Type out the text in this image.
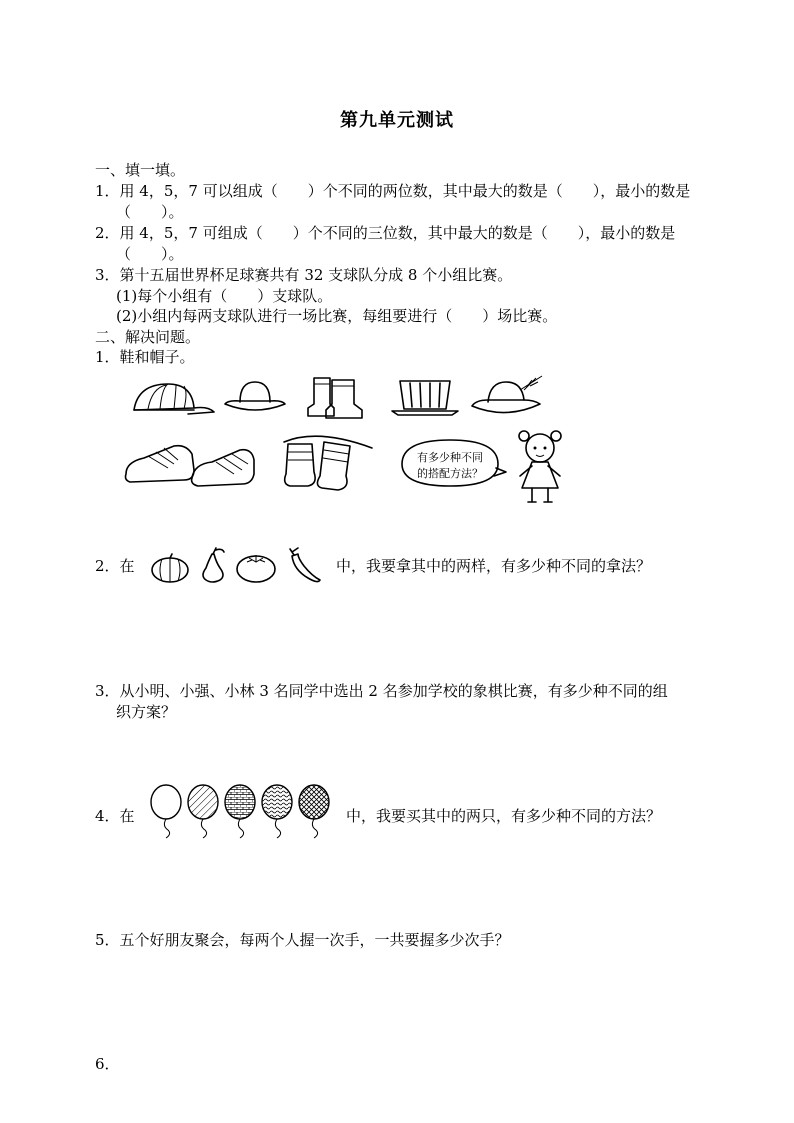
第九单元测试
一、填一填。
1．用 4，5，7 可以组成（　　）个不同的两位数，其中最大的数是（　　），最小的数是
（　　）。
2．用 4，5，7 可组成（　　）个不同的三位数，其中最大的数是（　　），最小的数是
（　　）。
3．第十五届世界杯足球赛共有 32 支球队分成 8 个小组比赛。
(1)每个小组有（　　）支球队。
(2)小组内每两支球队进行一场比赛，每组要进行（　　）场比赛。
二、解决问题。
1．鞋和帽子。
有多少种不同
的搭配方法？
2．在	中，我要拿其中的两样，有多少种不同的拿法？
3．从小明、小强、小林 3 名同学中选出 2 名参加学校的象棋比赛，有多少种不同的组
织方案？
4．在	中，我要买其中的两只，有多少种不同的方法？
5．五个好朋友聚会，每两个人握一次手，一共要握多少次手？
6．
